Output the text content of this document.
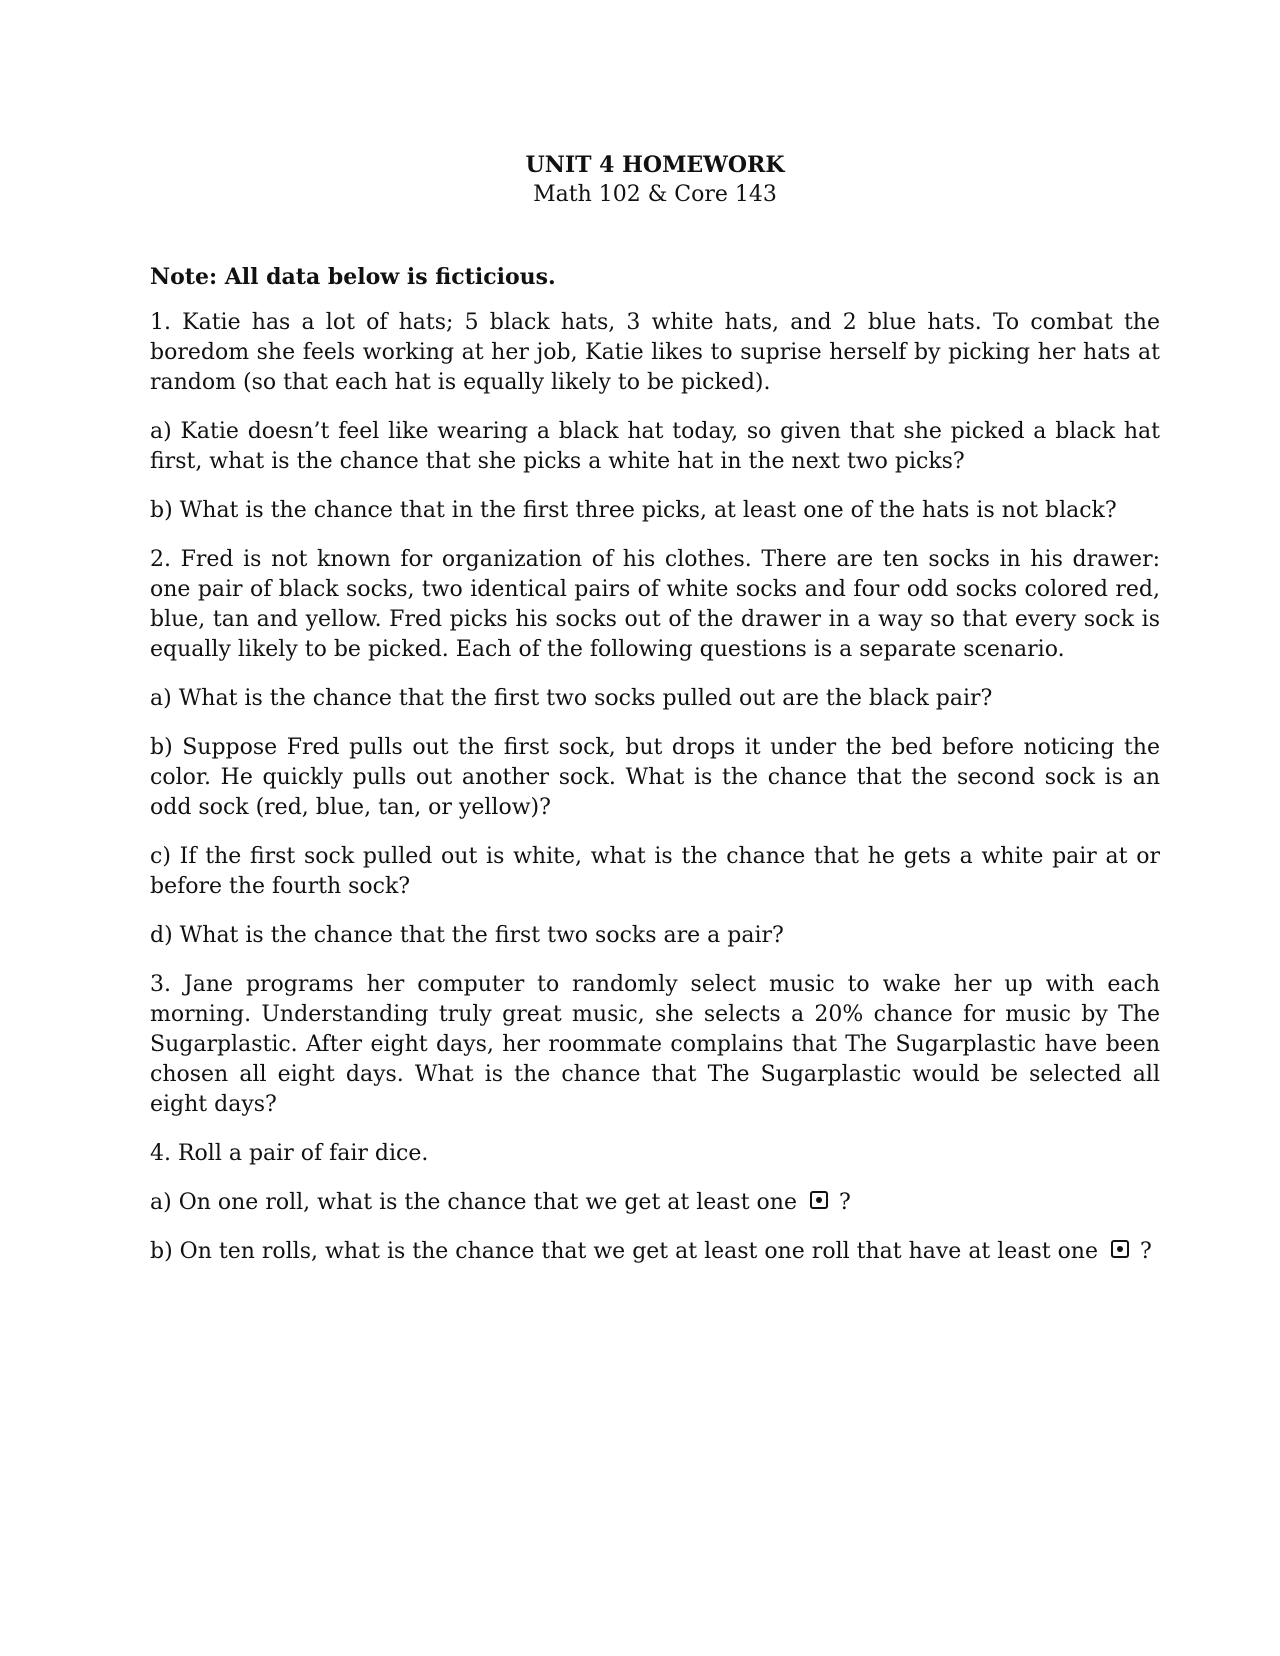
UNIT 4 HOMEWORK
Math 102 & Core 143

Note: All data below is ficticious.

1. Katie has a lot of hats; 5 black hats, 3 white hats, and 2 blue hats. To combat the boredom she feels working at her job, Katie likes to suprise herself by picking her hats at random (so that each hat is equally likely to be picked).

a) Katie doesn’t feel like wearing a black hat today, so given that she picked a black hat first, what is the chance that she picks a white hat in the next two picks?

b) What is the chance that in the first three picks, at least one of the hats is not black?

2. Fred is not known for organization of his clothes. There are ten socks in his drawer: one pair of black socks, two identical pairs of white socks and four odd socks colored red, blue, tan and yellow. Fred picks his socks out of the drawer in a way so that every sock is equally likely to be picked. Each of the following questions is a separate scenario.

a) What is the chance that the first two socks pulled out are the black pair?

b) Suppose Fred pulls out the first sock, but drops it under the bed before noticing the color. He quickly pulls out another sock. What is the chance that the second sock is an odd sock (red, blue, tan, or yellow)?

c) If the first sock pulled out is white, what is the chance that he gets a white pair at or before the fourth sock?

d) What is the chance that the first two socks are a pair?

3. Jane programs her computer to randomly select music to wake her up with each morning. Understanding truly great music, she selects a 20% chance for music by The Sugarplastic. After eight days, her roommate complains that The Sugarplastic have been chosen all eight days. What is the chance that The Sugarplastic would be selected all eight days?

4. Roll a pair of fair dice.

a) On one roll, what is the chance that we get at least one ?

b) On ten rolls, what is the chance that we get at least one roll that have at least one ?
